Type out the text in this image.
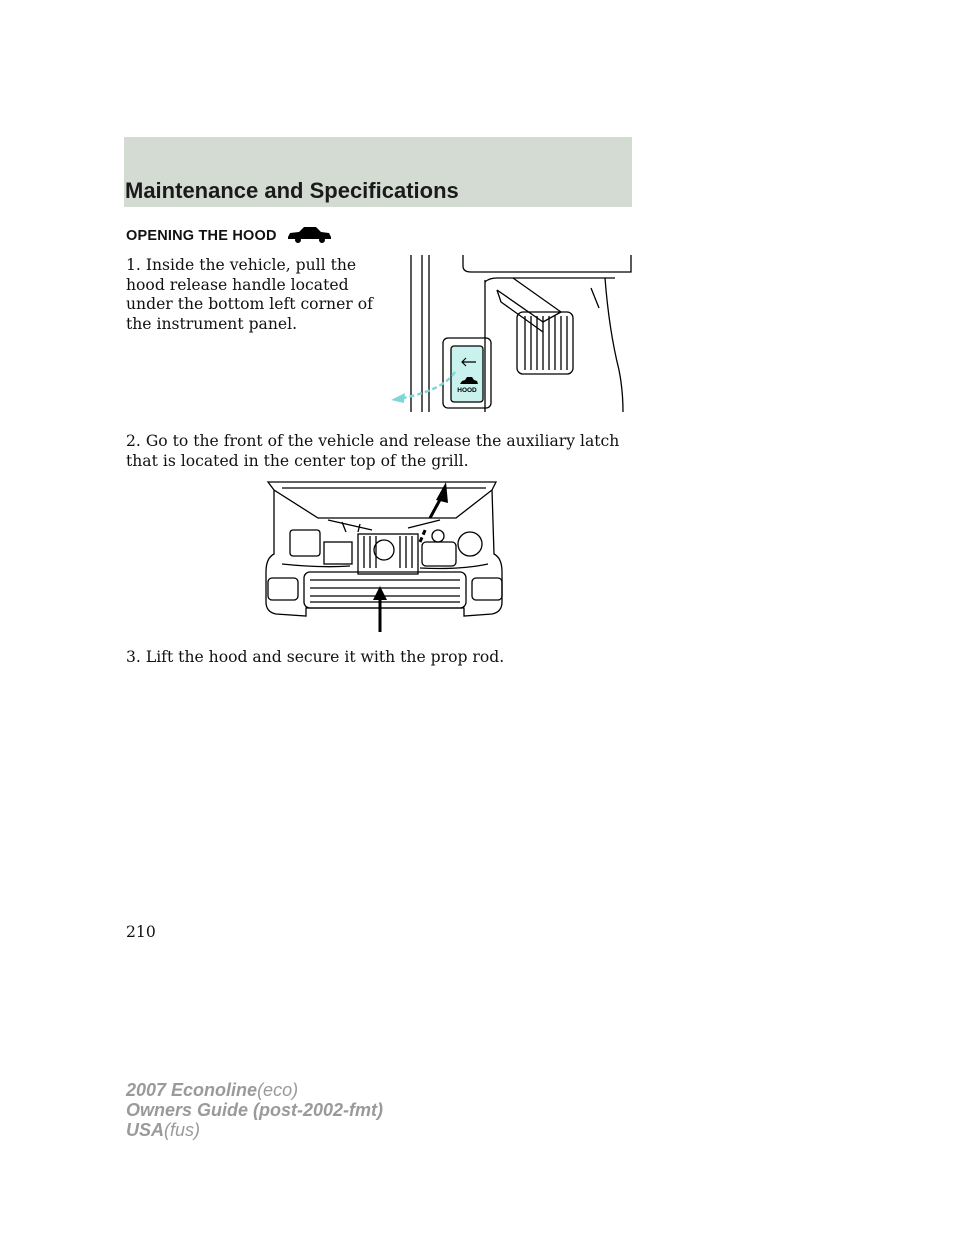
Maintenance and Specifications
OPENING THE HOOD

1. Inside the vehicle, pull the hood release handle located under the bottom left corner of the instrument panel.

HOOD

2. Go to the front of the vehicle and release the auxiliary latch that is located in the center top of the grill.

3. Lift the hood and secure it with the prop rod.

210
2007 Econoline(eco)
Owners Guide (post-2002-fmt)
USA(fus)
